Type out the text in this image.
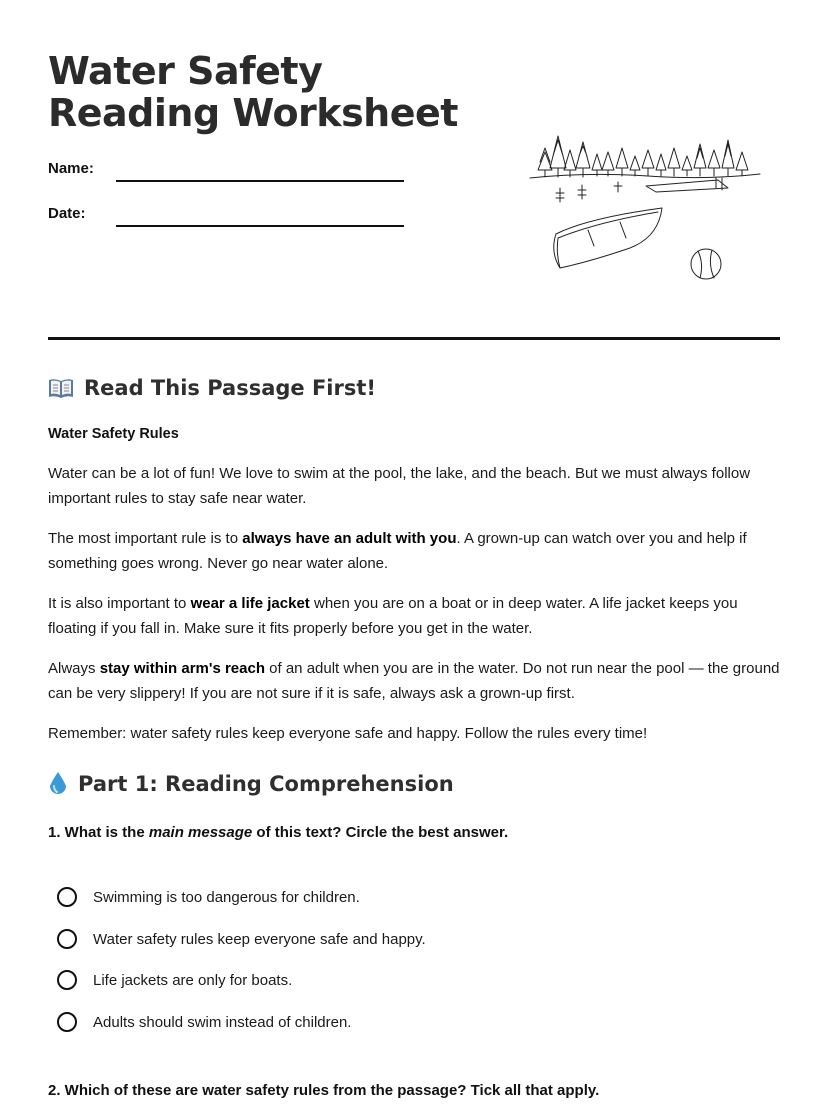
Water Safety Reading Worksheet
Name:
Date:
Read This Passage First!
Water Safety Rules

Water can be a lot of fun! We love to swim at the pool, the lake, and the beach. But we must always follow important rules to stay safe near water.

The most important rule is to always have an adult with you. A grown-up can watch over you and help if something goes wrong. Never go near water alone.

It is also important to wear a life jacket when you are on a boat or in deep water. A life jacket keeps you floating if you fall in. Make sure it fits properly before you get in the water.

Always stay within arm's reach of an adult when you are in the water. Do not run near the pool — the ground can be very slippery! If you are not sure if it is safe, always ask a grown-up first.

Remember: water safety rules keep everyone safe and happy. Follow the rules every time!

Part 1: Reading Comprehension

1. What is the main message of this text? Circle the best answer.

Swimming is too dangerous for children.
Water safety rules keep everyone safe and happy.
Life jackets are only for boats.
Adults should swim instead of children.

2. Which of these are water safety rules from the passage? Tick all that apply.
